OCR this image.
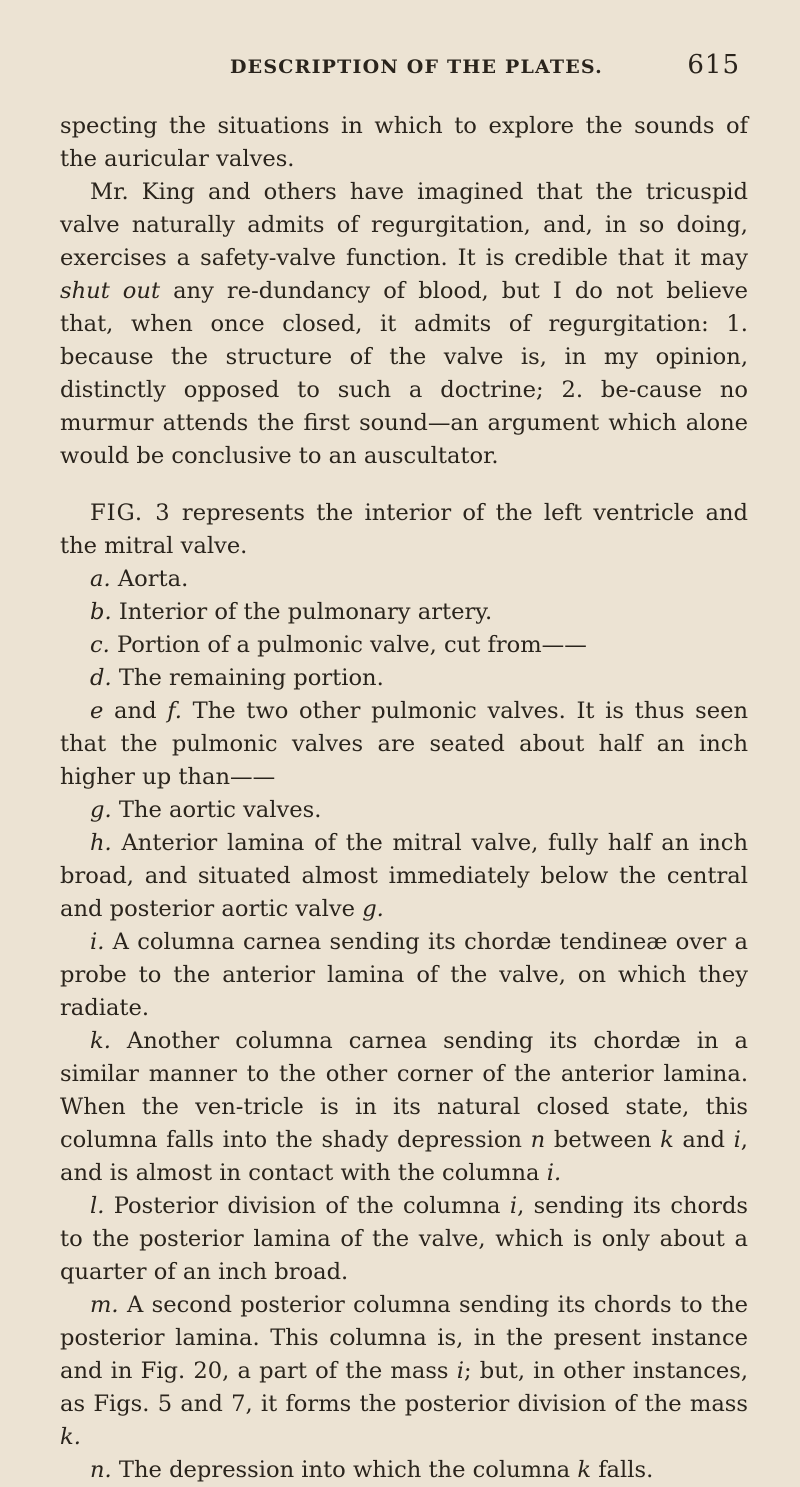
DESCRIPTION OF THE PLATES.	615

specting the situations in which to explore the sounds of the auricular valves.

Mr. King and others have imagined that the tricuspid valve naturally admits of regurgitation, and, in so doing, exercises a safety-valve function. It is credible that it may shut out any re-dundancy of blood, but I do not believe that, when once closed, it admits of regurgitation: 1. because the structure of the valve is, in my opinion, distinctly opposed to such a doctrine; 2. be-cause no murmur attends the first sound—an argument which alone would be conclusive to an auscultator.

FIG. 3 represents the interior of the left ventricle and the mitral valve.

a. Aorta.

b. Interior of the pulmonary artery.

c. Portion of a pulmonic valve, cut from——

d. The remaining portion.

e and f. The two other pulmonic valves. It is thus seen that the pulmonic valves are seated about half an inch higher up than——

g. The aortic valves.

h. Anterior lamina of the mitral valve, fully half an inch broad, and situated almost immediately below the central and posterior aortic valve g.

i. A columna carnea sending its chordæ tendineæ over a probe to the anterior lamina of the valve, on which they radiate.

k. Another columna carnea sending its chordæ in a similar manner to the other corner of the anterior lamina. When the ven-tricle is in its natural closed state, this columna falls into the shady depression n between k and i, and is almost in contact with the columna i.

l. Posterior division of the columna i, sending its chords to the posterior lamina of the valve, which is only about a quarter of an inch broad.

m. A second posterior columna sending its chords to the posterior lamina. This columna is, in the present instance and in Fig. 20, a part of the mass i; but, in other instances, as Figs. 5 and 7, it forms the posterior division of the mass k.

n. The depression into which the columna k falls.
